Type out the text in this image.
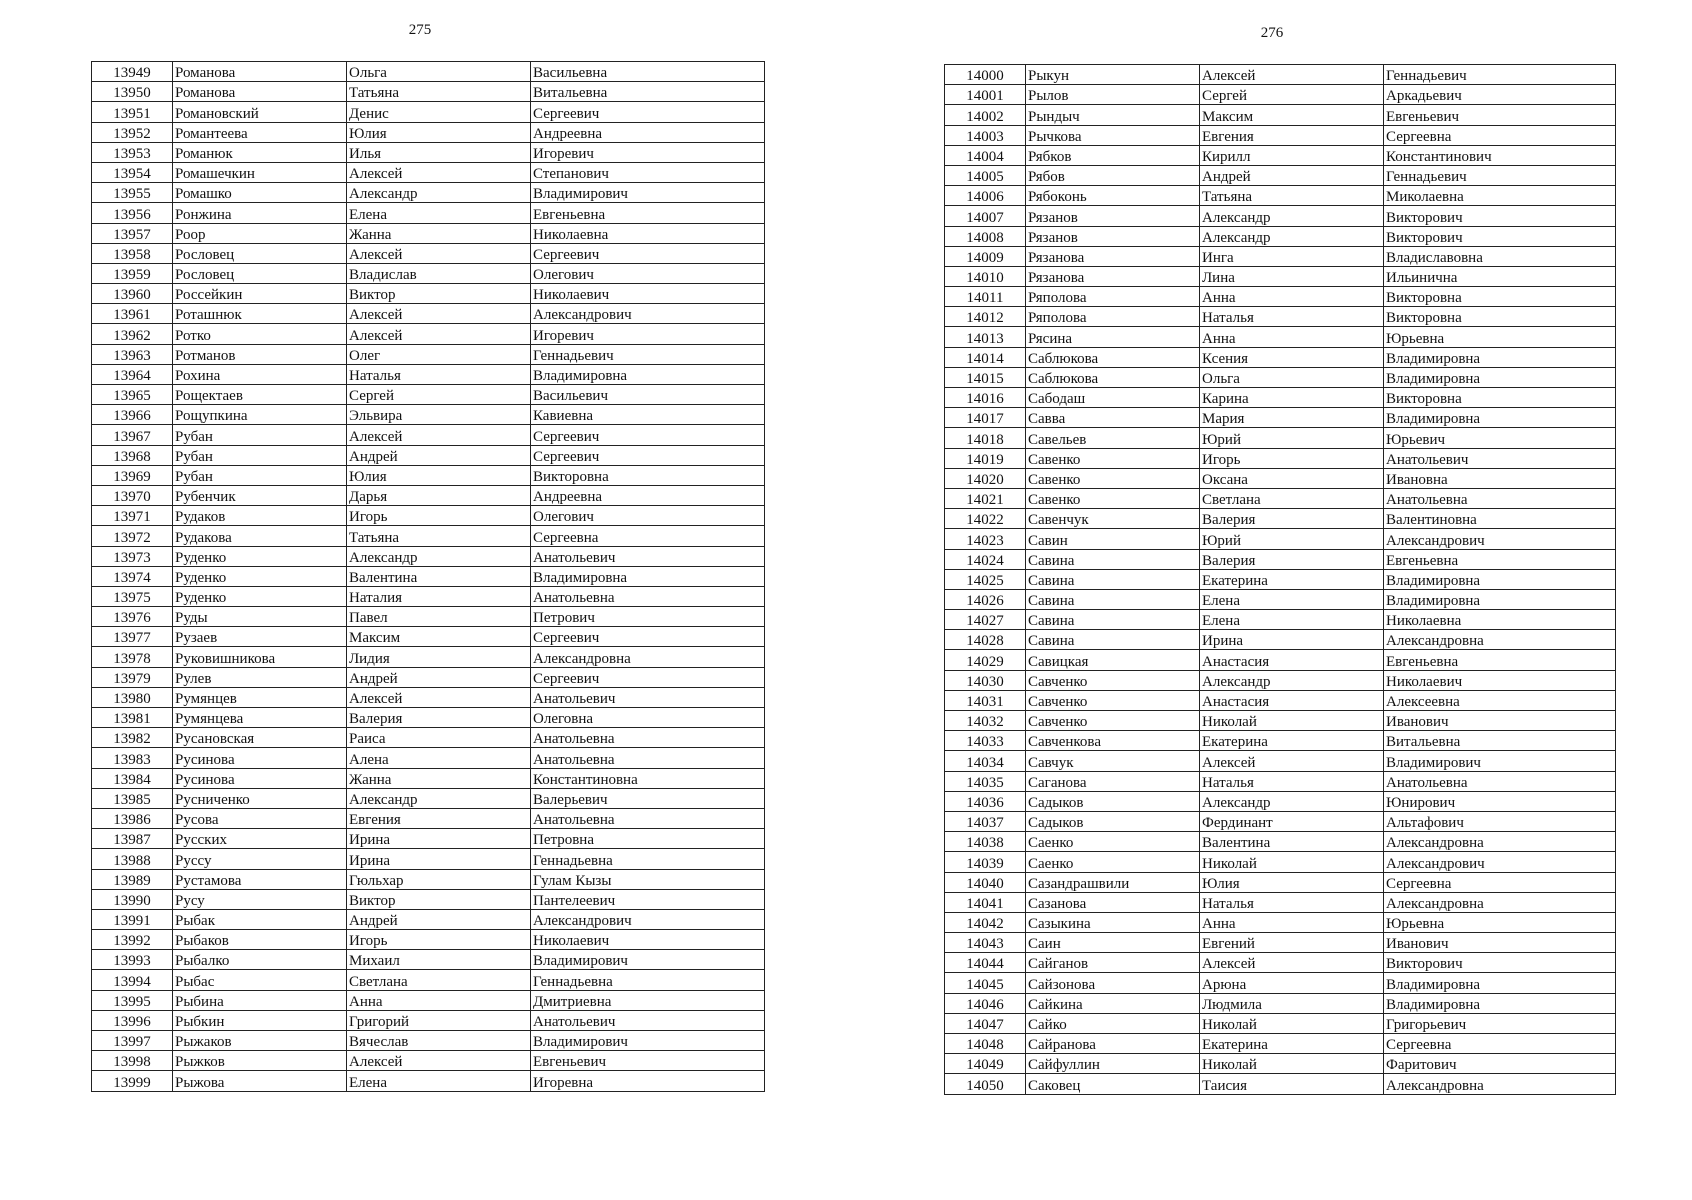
275
13949	Романова	Ольга	Васильевна
13950	Романова	Татьяна	Витальевна
13951	Романовский	Денис	Сергеевич
13952	Романтеева	Юлия	Андреевна
13953	Романюк	Илья	Игоревич
13954	Ромашечкин	Алексей	Степанович
13955	Ромашко	Александр	Владимирович
13956	Ронжина	Елена	Евгеньевна
13957	Роор	Жанна	Николаевна
13958	Рословец	Алексей	Сергеевич
13959	Рословец	Владислав	Олегович
13960	Россейкин	Виктор	Николаевич
13961	Роташнюк	Алексей	Александрович
13962	Ротко	Алексей	Игоревич
13963	Ротманов	Олег	Геннадьевич
13964	Рохина	Наталья	Владимировна
13965	Рощектаев	Сергей	Васильевич
13966	Рощупкина	Эльвира	Кавиевна
13967	Рубан	Алексей	Сергеевич
13968	Рубан	Андрей	Сергеевич
13969	Рубан	Юлия	Викторовна
13970	Рубенчик	Дарья	Андреевна
13971	Рудаков	Игорь	Олегович
13972	Рудакова	Татьяна	Сергеевна
13973	Руденко	Александр	Анатольевич
13974	Руденко	Валентина	Владимировна
13975	Руденко	Наталия	Анатольевна
13976	Руды	Павел	Петрович
13977	Рузаев	Максим	Сергеевич
13978	Руковишникова	Лидия	Александровна
13979	Рулев	Андрей	Сергеевич
13980	Румянцев	Алексей	Анатольевич
13981	Румянцева	Валерия	Олеговна
13982	Русановская	Раиса	Анатольевна
13983	Русинова	Алена	Анатольевна
13984	Русинова	Жанна	Константиновна
13985	Русниченко	Александр	Валерьевич
13986	Русова	Евгения	Анатольевна
13987	Русских	Ирина	Петровна
13988	Руссу	Ирина	Геннадьевна
13989	Рустамова	Гюльхар	Гулам Кызы
13990	Русу	Виктор	Пантелеевич
13991	Рыбак	Андрей	Александрович
13992	Рыбаков	Игорь	Николаевич
13993	Рыбалко	Михаил	Владимирович
13994	Рыбас	Светлана	Геннадьевна
13995	Рыбина	Анна	Дмитриевна
13996	Рыбкин	Григорий	Анатольевич
13997	Рыжаков	Вячеслав	Владимирович
13998	Рыжков	Алексей	Евгеньевич
13999	Рыжова	Елена	Игоревна
276
14000	Рыкун	Алексей	Геннадьевич
14001	Рылов	Сергей	Аркадьевич
14002	Рындыч	Максим	Евгеньевич
14003	Рычкова	Евгения	Сергеевна
14004	Рябков	Кирилл	Константинович
14005	Рябов	Андрей	Геннадьевич
14006	Рябоконь	Татьяна	Миколаевна
14007	Рязанов	Александр	Викторович
14008	Рязанов	Александр	Викторович
14009	Рязанова	Инга	Владиславовна
14010	Рязанова	Лина	Ильинична
14011	Ряполова	Анна	Викторовна
14012	Ряполова	Наталья	Викторовна
14013	Рясина	Анна	Юрьевна
14014	Саблюкова	Ксения	Владимировна
14015	Саблюкова	Ольга	Владимировна
14016	Сабодаш	Карина	Викторовна
14017	Савва	Мария	Владимировна
14018	Савельев	Юрий	Юрьевич
14019	Савенко	Игорь	Анатольевич
14020	Савенко	Оксана	Ивановна
14021	Савенко	Светлана	Анатольевна
14022	Савенчук	Валерия	Валентиновна
14023	Савин	Юрий	Александрович
14024	Савина	Валерия	Евгеньевна
14025	Савина	Екатерина	Владимировна
14026	Савина	Елена	Владимировна
14027	Савина	Елена	Николаевна
14028	Савина	Ирина	Александровна
14029	Савицкая	Анастасия	Евгеньевна
14030	Савченко	Александр	Николаевич
14031	Савченко	Анастасия	Алексеевна
14032	Савченко	Николай	Иванович
14033	Савченкова	Екатерина	Витальевна
14034	Савчук	Алексей	Владимирович
14035	Саганова	Наталья	Анатольевна
14036	Садыков	Александр	Юнирович
14037	Садыков	Фердинант	Альтафович
14038	Саенко	Валентина	Александровна
14039	Саенко	Николай	Александрович
14040	Сазандрашвили	Юлия	Сергеевна
14041	Сазанова	Наталья	Александровна
14042	Сазыкина	Анна	Юрьевна
14043	Саин	Евгений	Иванович
14044	Сайганов	Алексей	Викторович
14045	Сайзонова	Арюна	Владимировна
14046	Сайкина	Людмила	Владимировна
14047	Сайко	Николай	Григорьевич
14048	Сайранова	Екатерина	Сергеевна
14049	Сайфуллин	Николай	Фаритович
14050	Саковец	Таисия	Александровна
